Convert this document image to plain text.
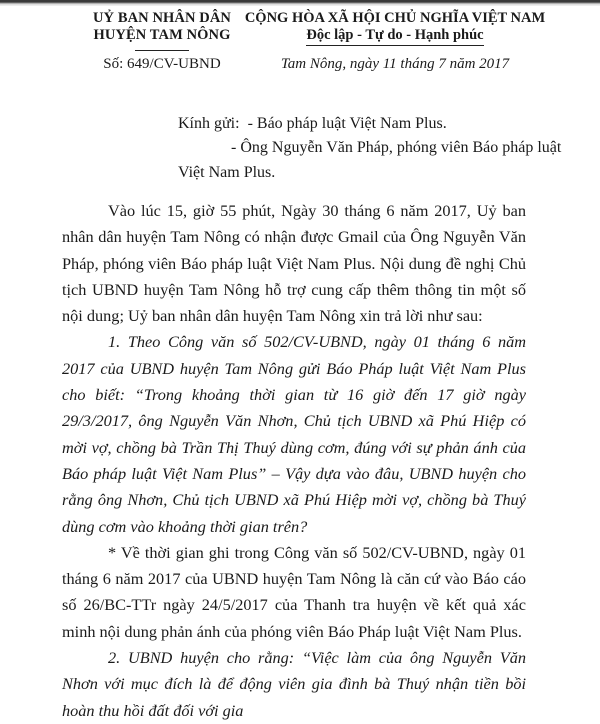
UỶ BAN NHÂN DÂN
HUYỆN TAM NÔNG
Số: 649/CV-UBND
CỘNG HÒA XÃ HỘI CHỦ NGHĨA VIỆT NAM
Độc lập - Tự do - Hạnh phúc
Tam Nông, ngày 11 tháng 7 năm 2017
Kính gửi: - Báo pháp luật Việt Nam Plus.
- Ông Nguyễn Văn Pháp, phóng viên Báo pháp luật
Việt Nam Plus.

Vào lúc 15, giờ 55 phút, Ngày 30 tháng 6 năm 2017, Uỷ ban nhân dân huyện Tam Nông có nhận được Gmail của Ông Nguyễn Văn Pháp, phóng viên Báo pháp luật Việt Nam Plus. Nội dung đề nghị Chủ tịch UBND huyện Tam Nông hỗ trợ cung cấp thêm thông tin một số nội dung; Uỷ ban nhân dân huyện Tam Nông xin trả lời như sau:

1. Theo Công văn số 502/CV-UBND, ngày 01 tháng 6 năm 2017 của UBND huyện Tam Nông gửi Báo Pháp luật Việt Nam Plus cho biết: “Trong khoảng thời gian từ 16 giờ đến 17 giờ ngày 29/3/2017, ông Nguyễn Văn Nhơn, Chủ tịch UBND xã Phú Hiệp có mời vợ, chồng bà Trần Thị Thuý dùng cơm, đúng với sự phản ánh của Báo pháp luật Việt Nam Plus” – Vậy dựa vào đâu, UBND huyện cho rằng ông Nhơn, Chủ tịch UBND xã Phú Hiệp mời vợ, chồng bà Thuý dùng cơm vào khoảng thời gian trên?

* Về thời gian ghi trong Công văn số 502/CV-UBND, ngày 01 tháng 6 năm 2017 của UBND huyện Tam Nông là căn cứ vào Báo cáo số 26/BC-TTr ngày 24/5/2017 của Thanh tra huyện về kết quả xác minh nội dung phản ánh của phóng viên Báo Pháp luật Việt Nam Plus.

2. UBND huyện cho rằng: “Việc làm của ông Nguyễn Văn Nhơn với mục đích là để động viên gia đình bà Thuý nhận tiền bồi hoàn thu hồi đất đối với gia
